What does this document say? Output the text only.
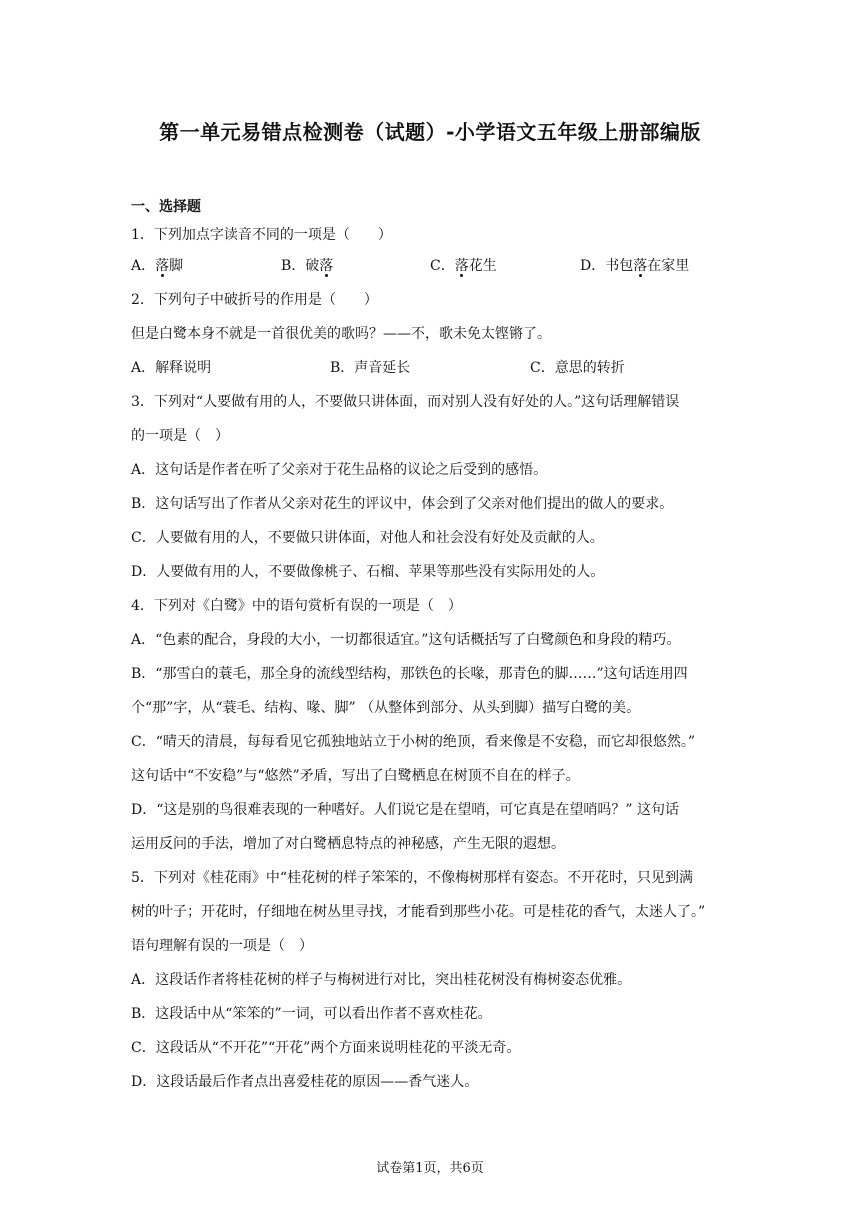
第一单元易错点检测卷（试题）-小学语文五年级上册部编版
一、选择题
1．下列加点字读音不同的一项是（　　）
A．落脚	B．破落	C．落花生	D．书包落在家里
2．下列句子中破折号的作用是（　　）
但是白鹭本身不就是一首很优美的歌吗？——不，歌未免太铿锵了。
A．解释说明	B．声音延长	C．意思的转折
3．下列对“人要做有用的人，不要做只讲体面，而对别人没有好处的人。”这句话理解错误
的一项是（　）
A．这句话是作者在听了父亲对于花生品格的议论之后受到的感悟。
B．这句话写出了作者从父亲对花生的评议中，体会到了父亲对他们提出的做人的要求。
C．人要做有用的人，不要做只讲体面，对他人和社会没有好处及贡献的人。
D．人要做有用的人，不要做像桃子、石榴、苹果等那些没有实际用处的人。
4．下列对《白鹭》中的语句赏析有误的一项是（　）
A．“色素的配合，身段的大小，一切都很适宜。”这句话概括写了白鹭颜色和身段的精巧。
B．“那雪白的蓑毛，那全身的流线型结构，那铁色的长喙，那青色的脚……”这句话连用四
个“那”字，从“蓑毛、结构、喙、脚” （从整体到部分、从头到脚）描写白鹭的美。
C．“晴天的清晨，每每看见它孤独地站立于小树的绝顶，看来像是不安稳，而它却很悠然。”
这句话中“不安稳”与“悠然”矛盾，写出了白鹭栖息在树顶不自在的样子。
D．“这是别的鸟很难表现的一种嗜好。人们说它是在望哨，可它真是在望哨吗？” 这句话
运用反问的手法，增加了对白鹭栖息特点的神秘感，产生无限的遐想。
5．下列对《桂花雨》中“桂花树的样子笨笨的，不像梅树那样有姿态。不开花时，只见到满
树的叶子；开花时，仔细地在树丛里寻找，才能看到那些小花。可是桂花的香气，太迷人了。”
语句理解有误的一项是（　）
A．这段话作者将桂花树的样子与梅树进行对比，突出桂花树没有梅树姿态优雅。
B．这段话中从“笨笨的”一词，可以看出作者不喜欢桂花。
C．这段话从“不开花”“开花”两个方面来说明桂花的平淡无奇。
D．这段话最后作者点出喜爱桂花的原因——香气迷人。
试卷第1页，共6页
